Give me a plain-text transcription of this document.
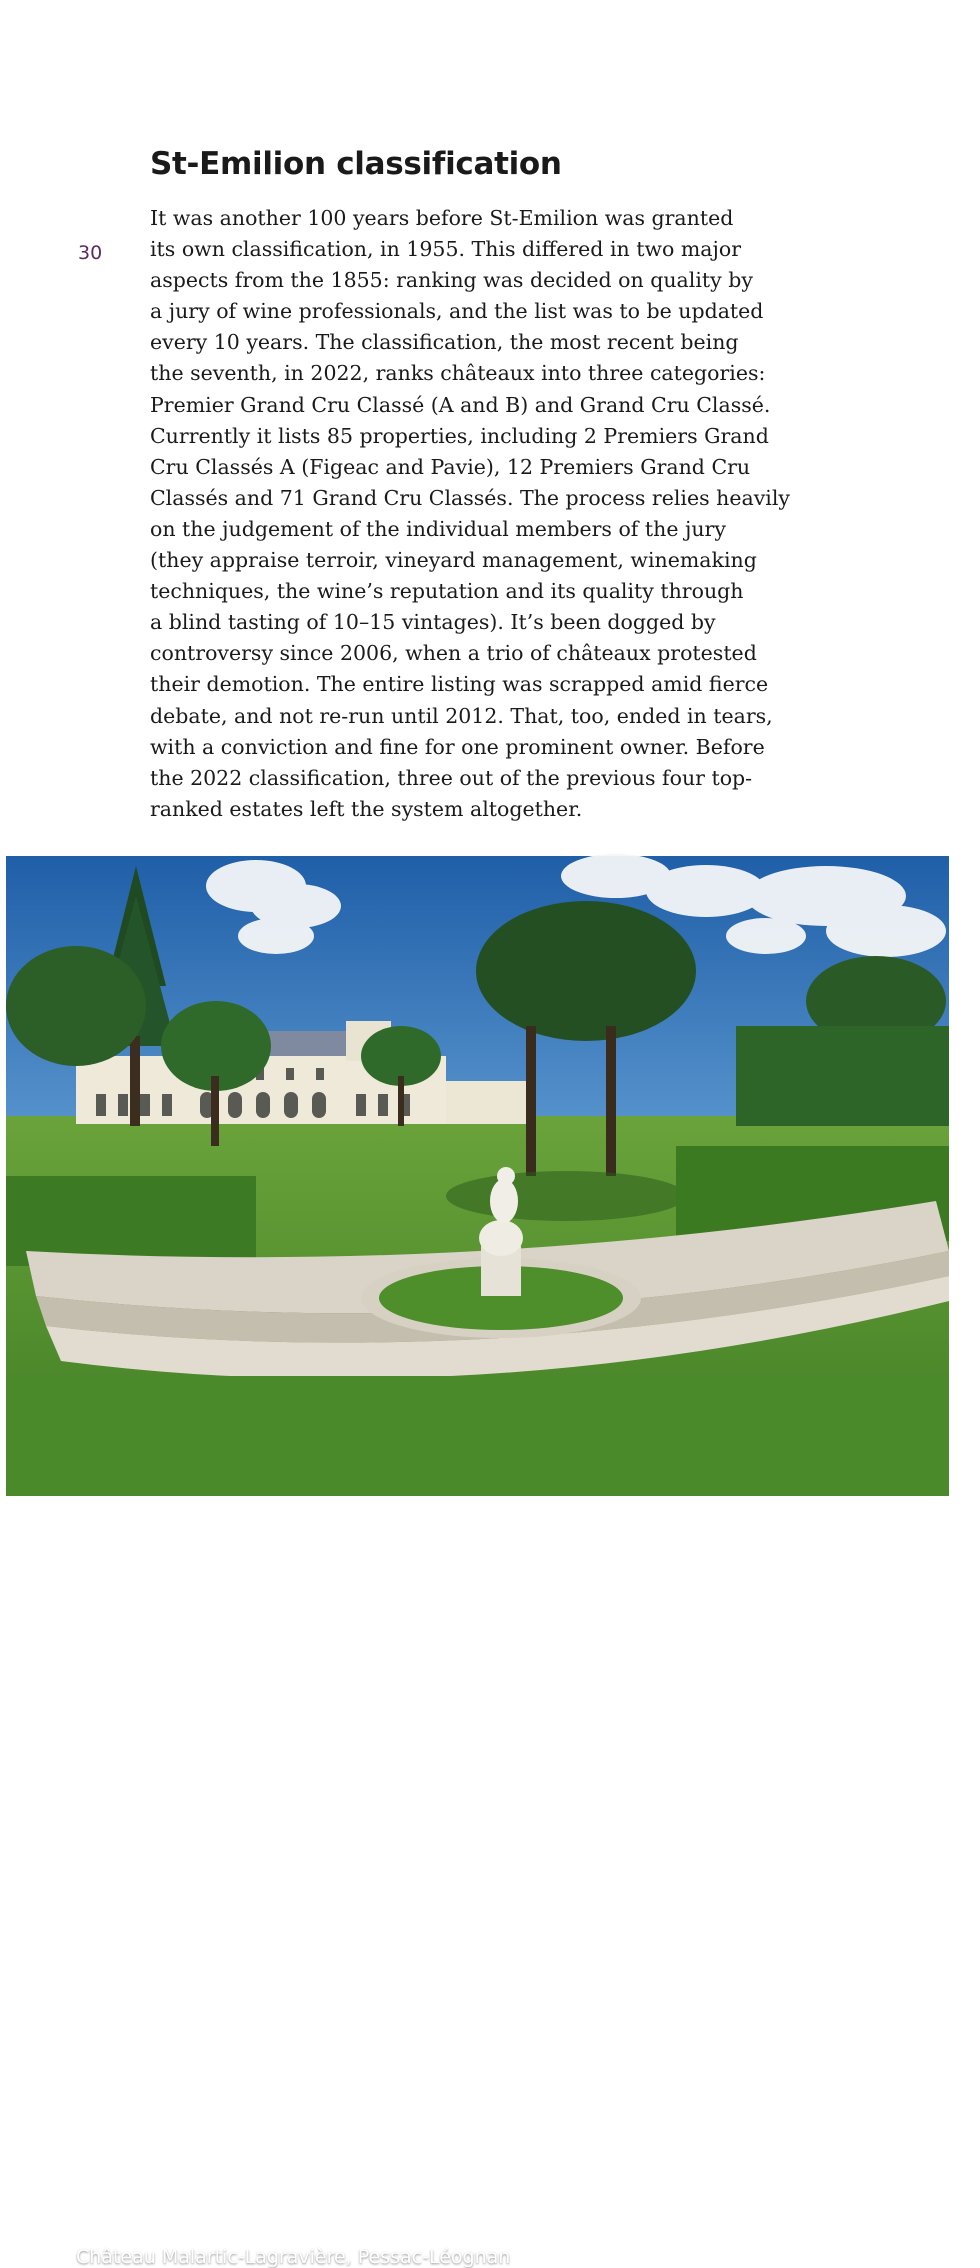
St-Emilion classification
30

It was another 100 years before St-Emilion was granted
its own classification, in 1955. This differed in two major
aspects from the 1855: ranking was decided on quality by
a jury of wine professionals, and the list was to be updated
every 10 years. The classification, the most recent being
the seventh, in 2022, ranks châteaux into three categories:
Premier Grand Cru Classé (A and B) and Grand Cru Classé.
Currently it lists 85 properties, including 2 Premiers Grand
Cru Classés A (Figeac and Pavie), 12 Premiers Grand Cru
Classés and 71 Grand Cru Classés. The process relies heavily
on the judgement of the individual members of the jury
(they appraise terroir, vineyard management, winemaking
techniques, the wine’s reputation and its quality through
a blind tasting of 10–15 vintages). It’s been dogged by
controversy since 2006, when a trio of châteaux protested
their demotion. The entire listing was scrapped amid fierce
debate, and not re-run until 2012. That, too, ended in tears,
with a conviction and fine for one prominent owner. Before
the 2022 classification, three out of the previous four top-
ranked estates left the system altogether.

Château Malartic-Lagravière, Pessac-Léognan
